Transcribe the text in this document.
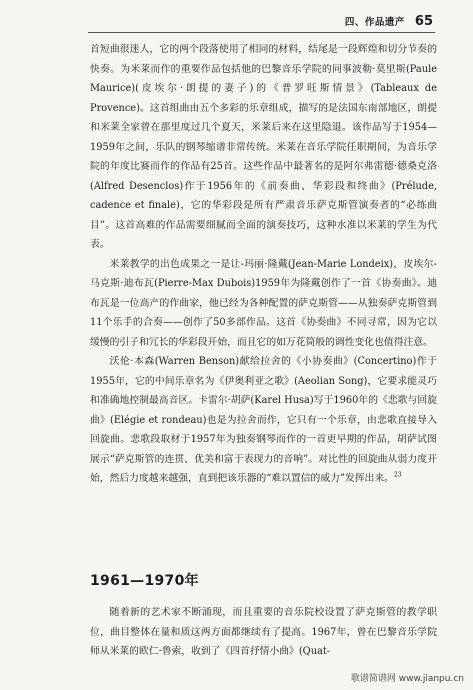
四、作品遗产 65

首短曲很迷人，它的两个段落使用了相同的材料，结尾是一段辉煌和切分节奏的快奏。为米莱而作的重要作品包括他的巴黎音乐学院的同事波勒·莫里斯(Paule Maurice)(皮埃尔·朗提的妻子)的《普罗旺斯情景》(Tableaux de Provence)。这首组曲由五个多彩的乐章组成，描写的是法国东南部地区，朗提和米莱全家曾在那里度过几个夏天，米莱后来在这里隐退。该作品写于1954—1959年之间，乐队的钢琴缩谱非常传统。米莱在音乐学院任职期间，为音乐学院的年度比赛而作的作品有25首。这些作品中最著名的是阿尔弗雷德·德桑克洛(Alfred Desenclos)作于1956年的《前奏曲、华彩段和终曲》(Prélude, cadence et finale)，它的华彩段是所有严肃音乐萨克斯管演奏者的“必练曲目”。这首高难的作品需要细腻而全面的演奏技巧，这种水准以米莱的学生为代表。

米莱教学的出色成果之一是让-玛丽·隆戴(Jean-Marie Londeix)，皮埃尔-马克斯·迪布瓦(Pierre-Max Dubois)1959年为隆戴创作了一首《协奏曲》。迪布瓦是一位高产的作曲家，他已经为各种配置的萨克斯管——从独奏萨克斯管到11个乐手的合奏——创作了50多部作品。这首《协奏曲》不同寻常，因为它以缓慢的引子和冗长的华彩段开始，而且它的如万花筒般的调性变化也值得注意。

沃伦·本森(Warren Benson)献给拉舍的《小协奏曲》(Concertino)作于1955年，它的中间乐章名为《伊奥利亚之歌》(Aeolian Song)，它要求能灵巧和准确地控制最高音区。卡雷尔·胡萨(Karel Husa)写于1960年的《悲歌与回旋曲》(Elégie et rondeau)也是为拉舍而作，它只有一个乐章，由悲歌直接导入回旋曲。悲歌段取材于1957年为独奏钢琴而作的一首更早期的作品，胡萨试图展示“萨克斯管的连贯、优美和富于表现力的音响”。对比性的回旋曲从弱力度开始，然后力度越来越强，直到把该乐器的“难以置信的威力”发挥出来。$^{23}$

1961—1970年

随着新的艺术家不断涌现，而且重要的音乐院校设置了萨克斯管的教学职位，曲目整体在量和质这两方面都继续有了提高。1967年，曾在巴黎音乐学院师从米莱的欧仁·鲁索，收到了《四首抒情小曲》(Quat-

歌谱简谱网 www.jianpu.cn
